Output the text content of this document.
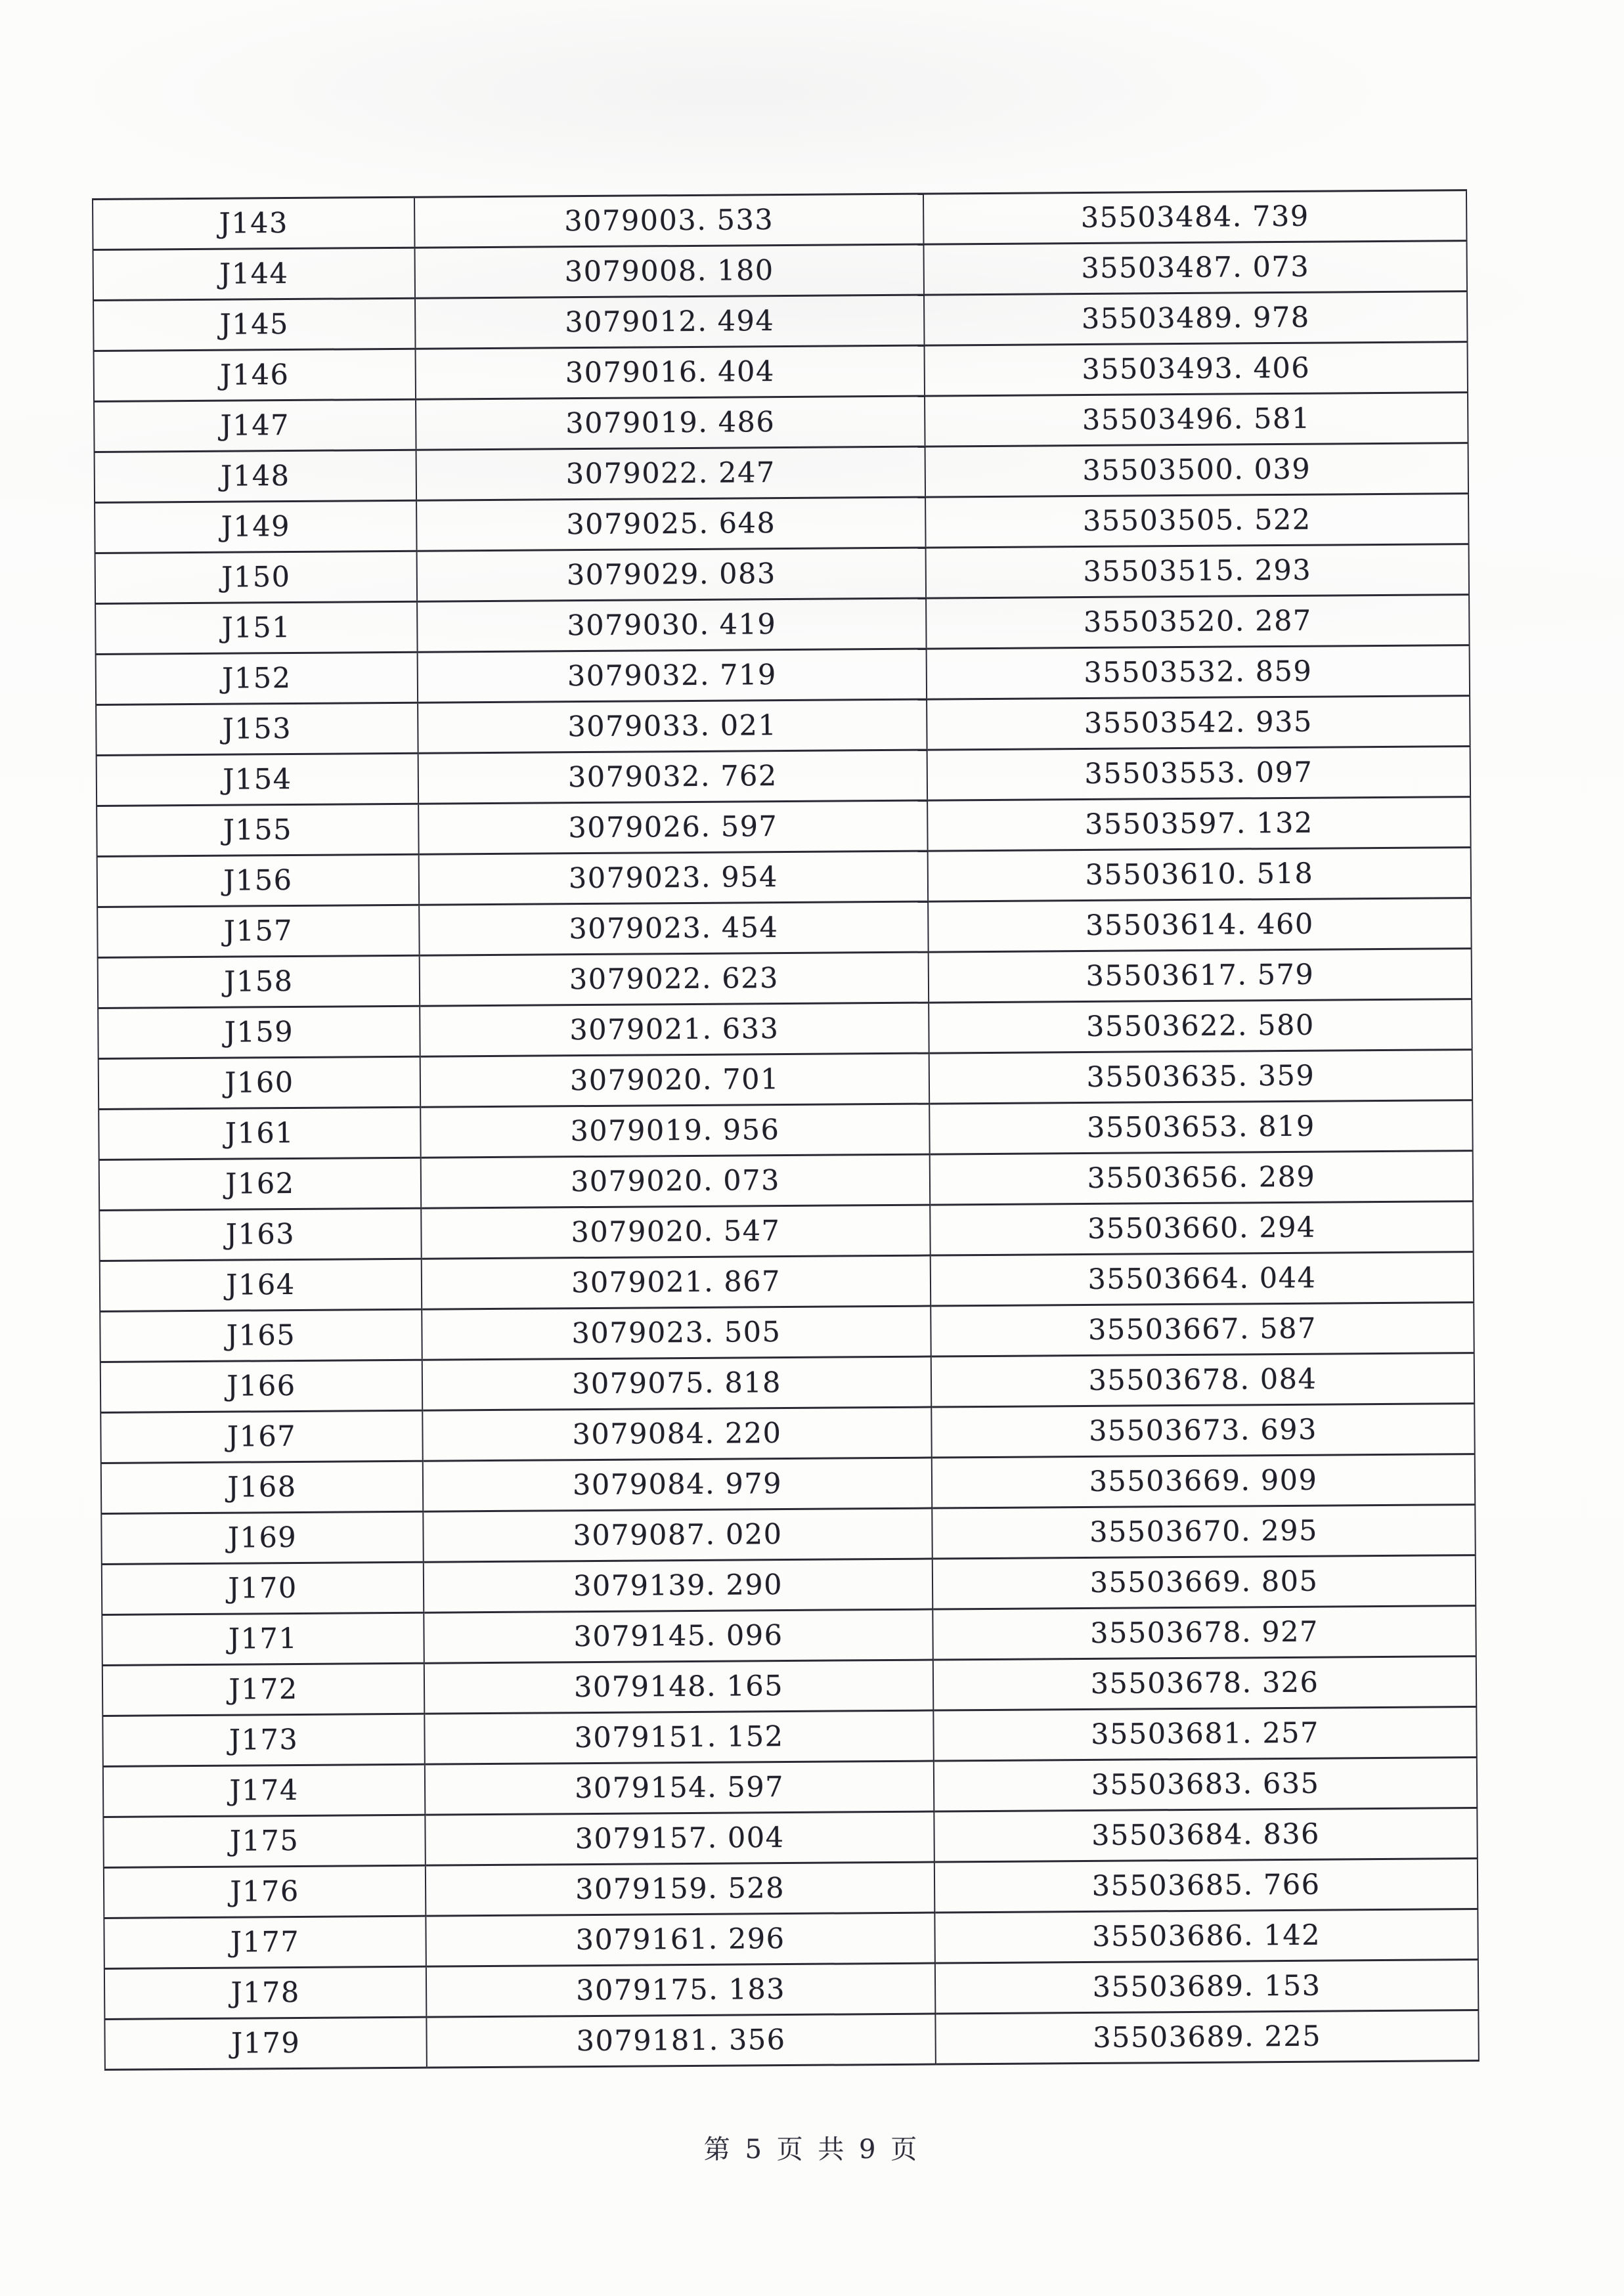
J143	3079003. 533	35503484. 739
J144	3079008. 180	35503487. 073
J145	3079012. 494	35503489. 978
J146	3079016. 404	35503493. 406
J147	3079019. 486	35503496. 581
J148	3079022. 247	35503500. 039
J149	3079025. 648	35503505. 522
J150	3079029. 083	35503515. 293
J151	3079030. 419	35503520. 287
J152	3079032. 719	35503532. 859
J153	3079033. 021	35503542. 935
J154	3079032. 762	35503553. 097
J155	3079026. 597	35503597. 132
J156	3079023. 954	35503610. 518
J157	3079023. 454	35503614. 460
J158	3079022. 623	35503617. 579
J159	3079021. 633	35503622. 580
J160	3079020. 701	35503635. 359
J161	3079019. 956	35503653. 819
J162	3079020. 073	35503656. 289
J163	3079020. 547	35503660. 294
J164	3079021. 867	35503664. 044
J165	3079023. 505	35503667. 587
J166	3079075. 818	35503678. 084
J167	3079084. 220	35503673. 693
J168	3079084. 979	35503669. 909
J169	3079087. 020	35503670. 295
J170	3079139. 290	35503669. 805
J171	3079145. 096	35503678. 927
J172	3079148. 165	35503678. 326
J173	3079151. 152	35503681. 257
J174	3079154. 597	35503683. 635
J175	3079157. 004	35503684. 836
J176	3079159. 528	35503685. 766
J177	3079161. 296	35503686. 142
J178	3079175. 183	35503689. 153
J179	3079181. 356	35503689. 225
第 5 页 共 9 页
